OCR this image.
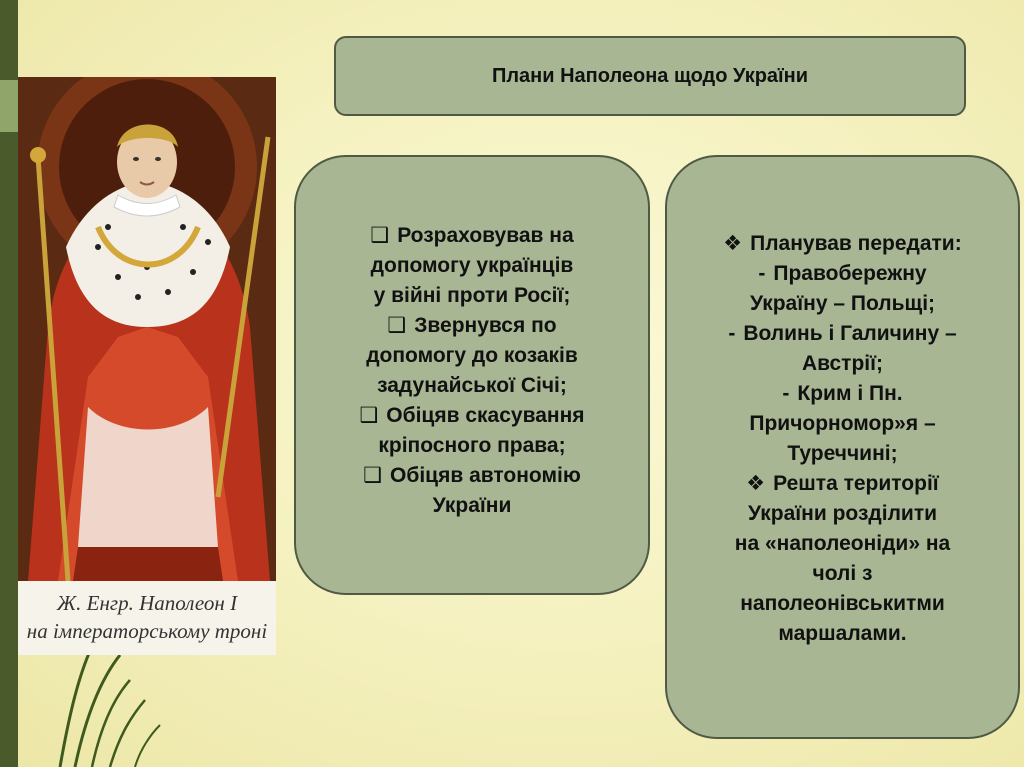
Ж. Енгр. Наполеон I
на імператорському троні
Плани Наполеона щодо України
❑ Розраховував на
допомогу українців
у війні проти Росії;
❑ Звернувся по
допомогу до козаків
задунайської Січі;
❑ Обіцяв скасування
кріпосного права;
❑ Обіцяв автономію
України
❖ Планував передати:
- Правобережну
Україну – Польщі;
- Волинь і Галичину –
Австрії;
- Крим і Пн.
Причорномор»я –
Туреччині;
❖ Решта території
України розділити
на «наполеоніди» на
чолі з
наполеонівськитми
маршалами.
